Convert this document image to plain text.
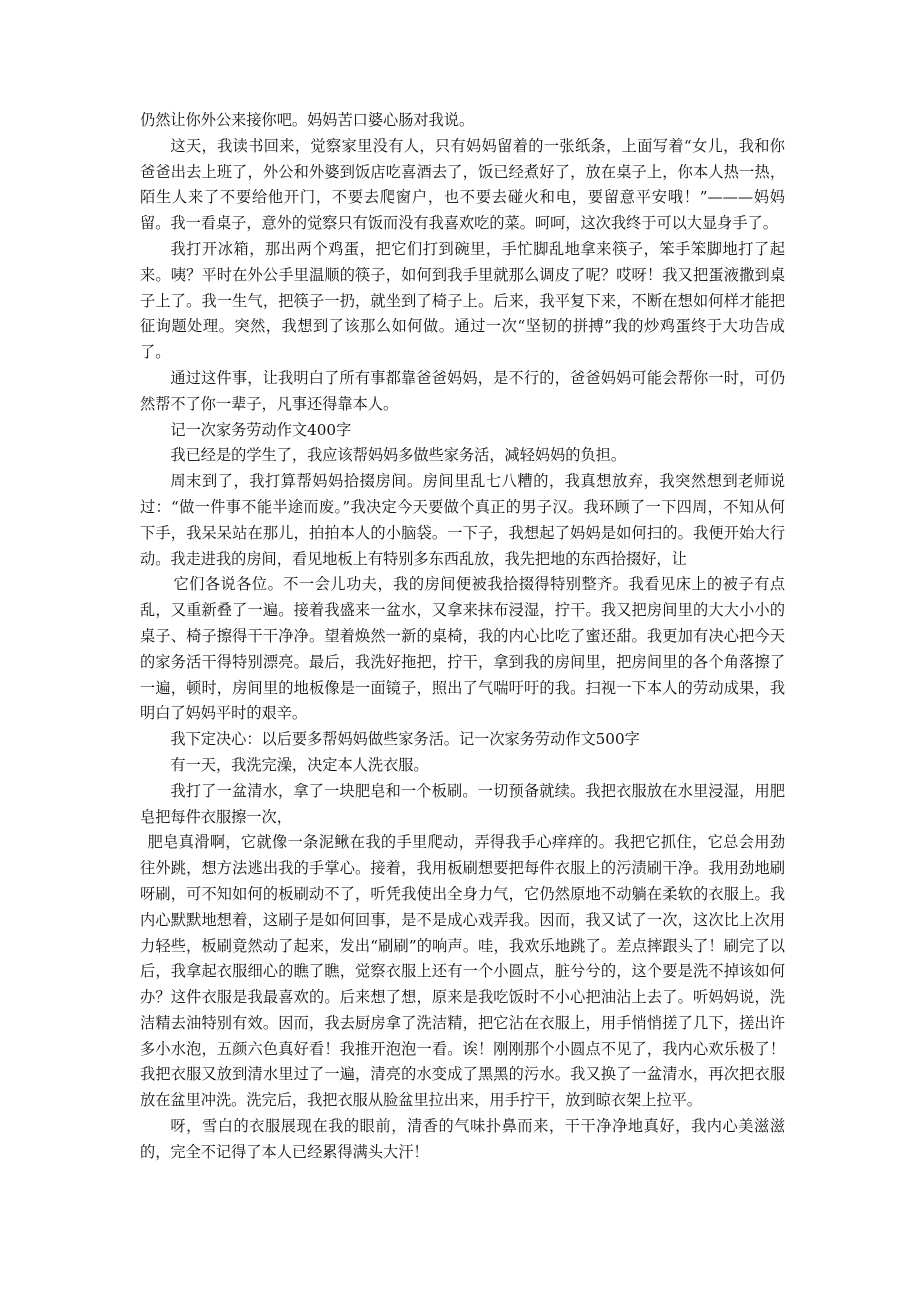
仍然让你外公来接你吧。妈妈苦口婆心肠对我说。

这天，我读书回来，觉察家里没有人，只有妈妈留着的一张纸条，上面写着“女儿，我和你爸爸出去上班了，外公和外婆到饭店吃喜酒去了，饭已经煮好了，放在桌子上，你本人热一热，陌生人来了不要给他开门，不要去爬窗户，也不要去碰火和电，要留意平安哦！”———妈妈留。我一看桌子，意外的觉察只有饭而没有我喜欢吃的菜。呵呵，这次我终于可以大显身手了。

我打开冰箱，那出两个鸡蛋，把它们打到碗里，手忙脚乱地拿来筷子，笨手笨脚地打了起来。咦？平时在外公手里温顺的筷子，如何到我手里就那么调皮了呢？哎呀！我又把蛋液撒到桌子上了。我一生气，把筷子一扔，就坐到了椅子上。后来，我平复下来，不断在想如何样才能把征询题处理。突然，我想到了该那么如何做。通过一次“坚韧的拼搏”我的炒鸡蛋终于大功告成了。

通过这件事，让我明白了所有事都靠爸爸妈妈，是不行的，爸爸妈妈可能会帮你一时，可仍然帮不了你一辈子，凡事还得靠本人。

记一次家务劳动作文400字

我已经是的学生了，我应该帮妈妈多做些家务活，减轻妈妈的负担。

周末到了，我打算帮妈妈拾掇房间。房间里乱七八糟的，我真想放弃，我突然想到老师说过：“做一件事不能半途而废。”我决定今天要做个真正的男子汉。我环顾了一下四周，不知从何下手，我呆呆站在那儿，拍拍本人的小脑袋。一下子，我想起了妈妈是如何扫的。我便开始大行动。我走进我的房间，看见地板上有特别多东西乱放，我先把地的东西拾掇好，让

它们各说各位。不一会儿功夫，我的房间便被我拾掇得特别整齐。我看见床上的被子有点乱，又重新叠了一遍。接着我盛来一盆水，又拿来抹布浸湿，拧干。我又把房间里的大大小小的桌子、椅子擦得干干净净。望着焕然一新的桌椅，我的内心比吃了蜜还甜。我更加有决心把今天的家务活干得特别漂亮。最后，我洗好拖把，拧干，拿到我的房间里，把房间里的各个角落擦了一遍，顿时，房间里的地板像是一面镜子，照出了气喘吁吁的我。扫视一下本人的劳动成果，我明白了妈妈平时的艰辛。

我下定决心：以后要多帮妈妈做些家务活。记一次家务劳动作文500字

有一天，我洗完澡，决定本人洗衣服。

我打了一盆清水，拿了一块肥皂和一个板刷。一切预备就续。我把衣服放在水里浸湿，用肥皂把每件衣服擦一次，

肥皂真滑啊，它就像一条泥鳅在我的手里爬动，弄得我手心痒痒的。我把它抓住，它总会用劲往外跳，想方法逃出我的手掌心。接着，我用板刷想要把每件衣服上的污渍刷干净。我用劲地刷呀刷，可不知如何的板刷动不了，听凭我使出全身力气，它仍然原地不动躺在柔软的衣服上。我内心默默地想着，这刷子是如何回事，是不是成心戏弄我。因而，我又试了一次，这次比上次用力轻些，板刷竟然动了起来，发出“刷刷”的响声。哇，我欢乐地跳了。差点摔跟头了！刷完了以后，我拿起衣服细心的瞧了瞧，觉察衣服上还有一个小圆点，脏兮兮的，这个要是洗不掉该如何办？这件衣服是我最喜欢的。后来想了想，原来是我吃饭时不小心把油沾上去了。听妈妈说，洗洁精去油特别有效。因而，我去厨房拿了洗洁精，把它沾在衣服上，用手悄悄搓了几下，搓出许多小水泡，五颜六色真好看！我推开泡泡一看。诶！刚刚那个小圆点不见了，我内心欢乐极了！我把衣服又放到清水里过了一遍，清亮的水变成了黑黑的污水。我又换了一盆清水，再次把衣服放在盆里冲洗。洗完后，我把衣服从脸盆里拉出来，用手拧干，放到晾衣架上拉平。

呀，雪白的衣服展现在我的眼前，清香的气味扑鼻而来，干干净净地真好，我内心美滋滋的，完全不记得了本人已经累得满头大汗！
